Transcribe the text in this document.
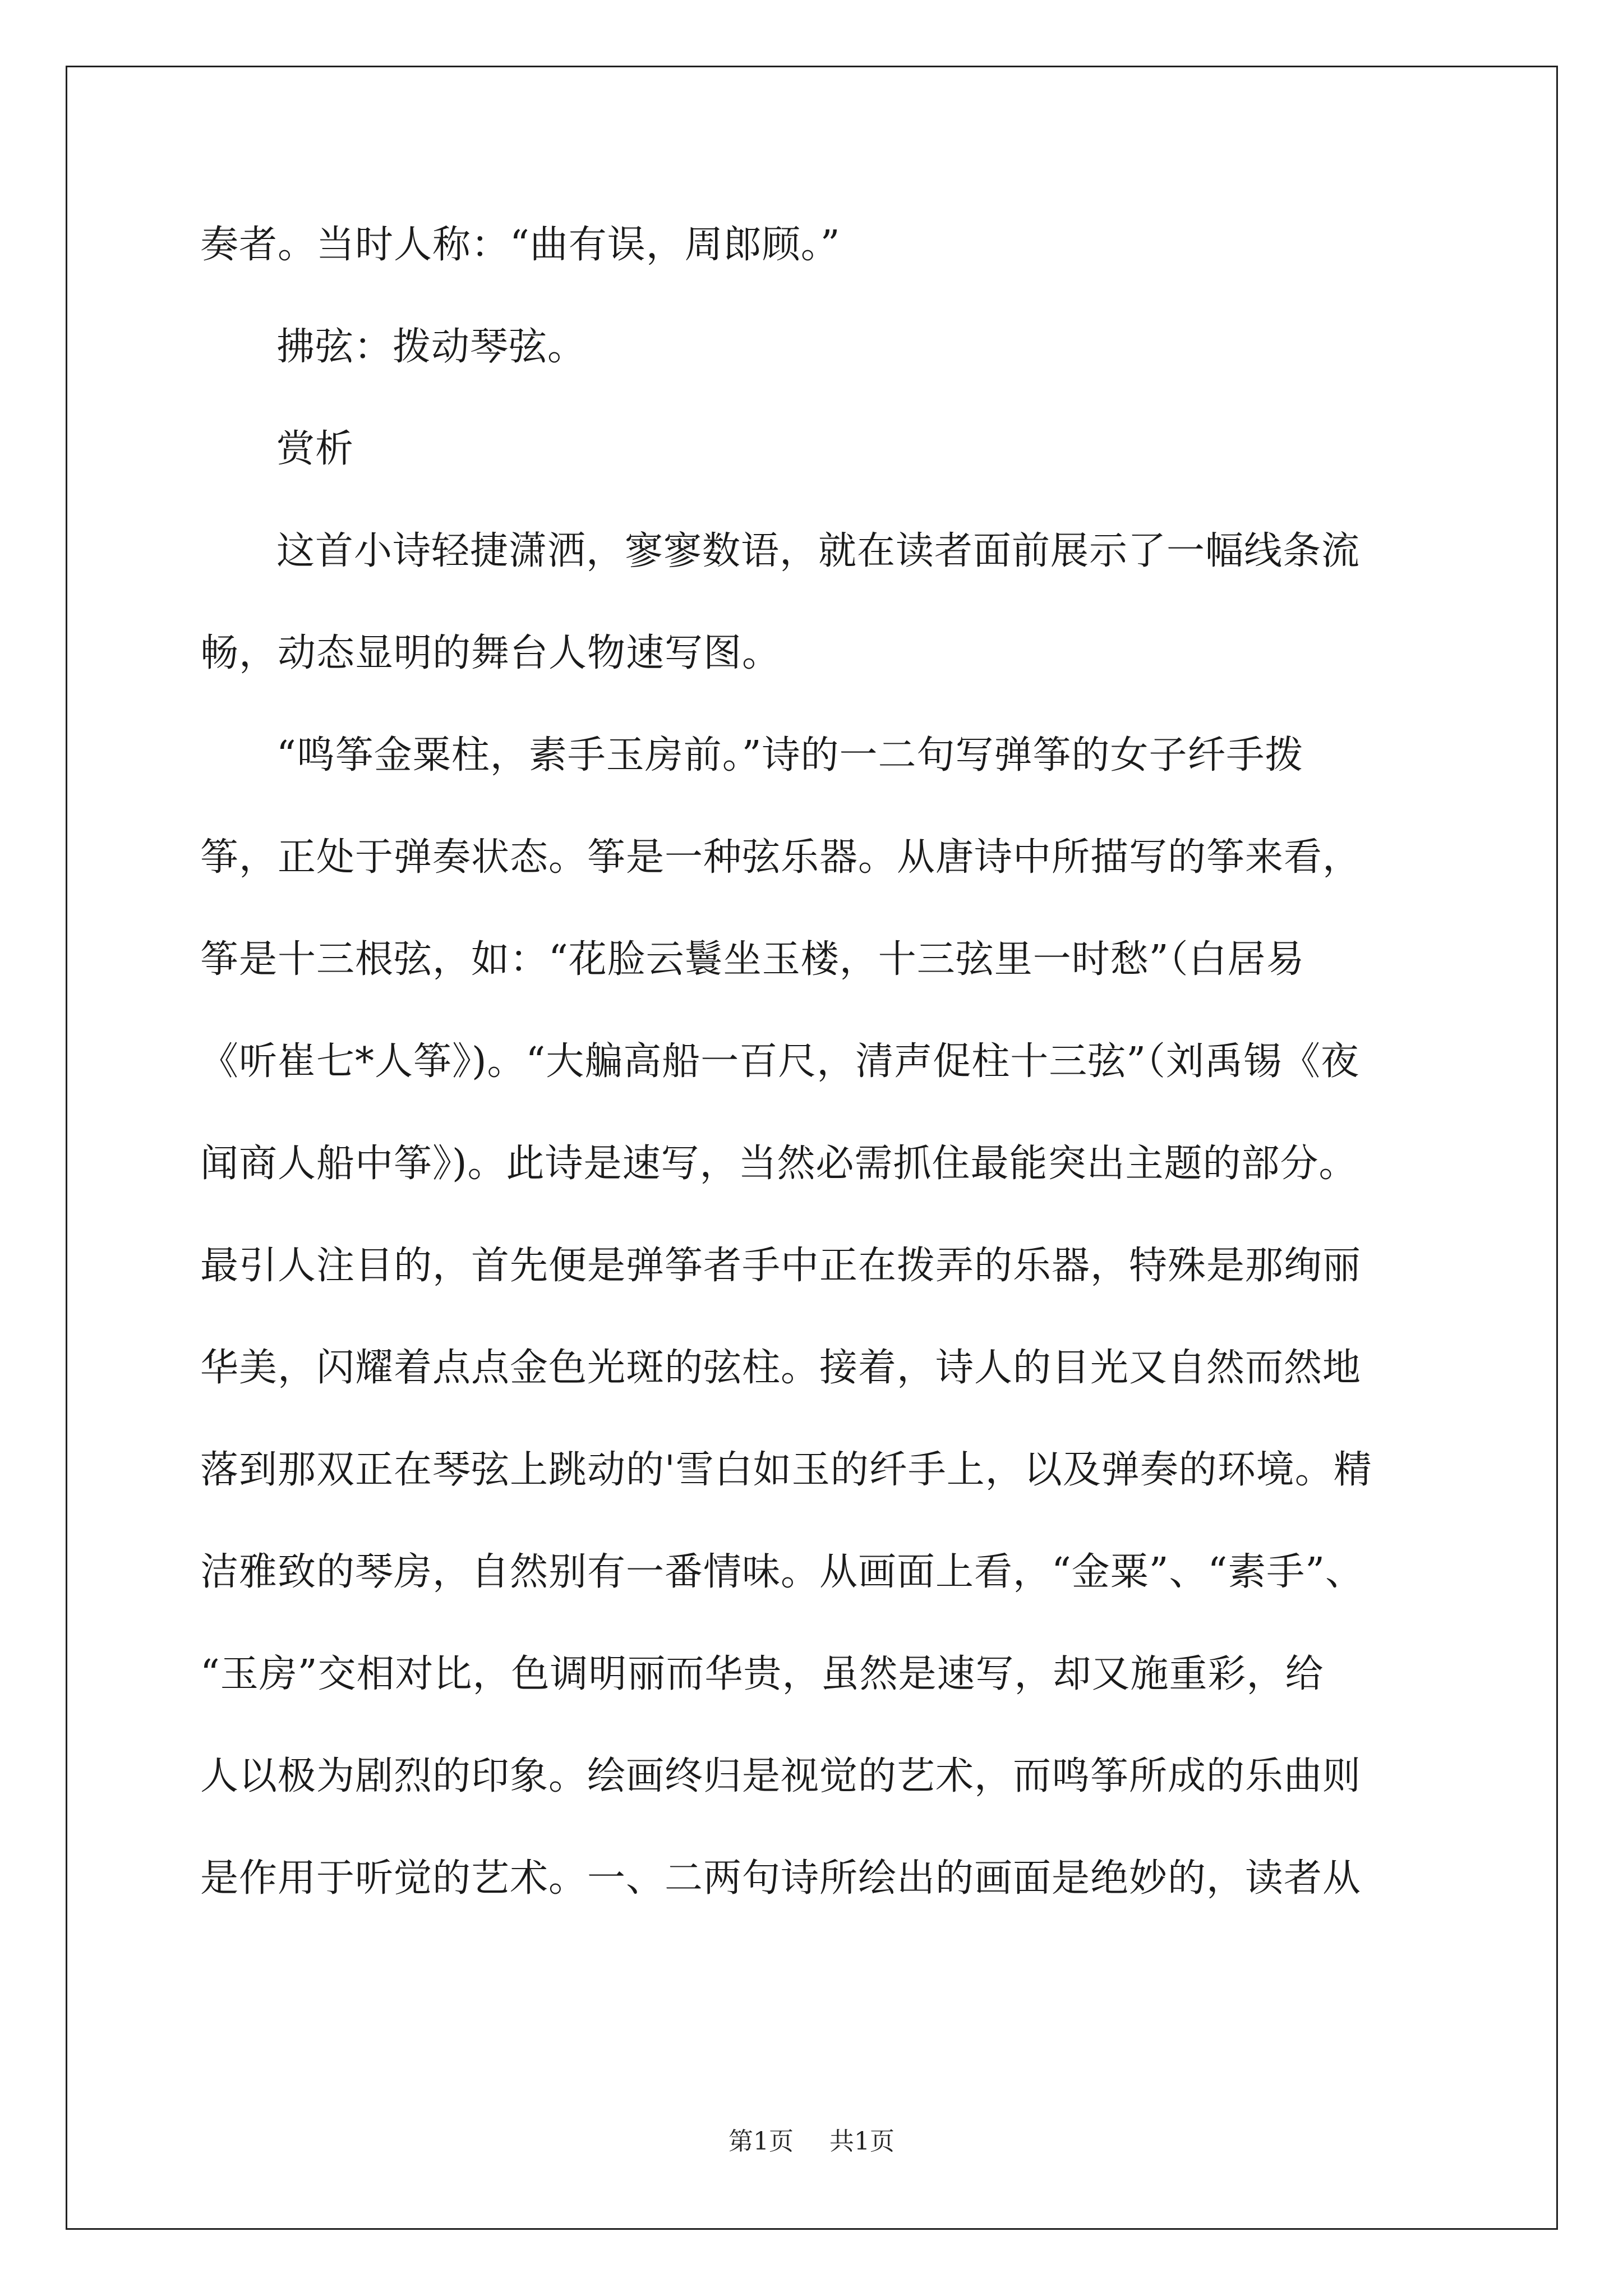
奏者。当时人称：“曲有误，周郎顾。”
拂弦：拨动琴弦。
赏析
这首小诗轻捷潇洒，寥寥数语，就在读者面前展示了一幅线条流
畅，动态显明的舞台人物速写图。
“鸣筝金粟柱，素手玉房前。”诗的一二句写弹筝的女子纤手拨
筝，正处于弹奏状态。筝是一种弦乐器。从唐诗中所描写的筝来看，
筝是十三根弦，如：“花脸云鬟坐玉楼，十三弦里一时愁”（白居易
《听崔七*人筝》)。“大艑高船一百尺，清声促柱十三弦”（刘禹锡《夜
闻商人船中筝》)。此诗是速写，当然必需抓住最能突出主题的部分。
最引人注目的，首先便是弹筝者手中正在拨弄的乐器，特殊是那绚丽
华美，闪耀着点点金色光斑的弦柱。接着，诗人的目光又自然而然地
落到那双正在琴弦上跳动的'雪白如玉的纤手上，以及弹奏的环境。精
洁雅致的琴房，自然别有一番情味。从画面上看，“金粟”、“素手”、
“玉房”交相对比，色调明丽而华贵，虽然是速写，却又施重彩，给
人以极为剧烈的印象。绘画终归是视觉的艺术，而鸣筝所成的乐曲则
是作用于听觉的艺术。一、二两句诗所绘出的画面是绝妙的，读者从
第1页 共1页
